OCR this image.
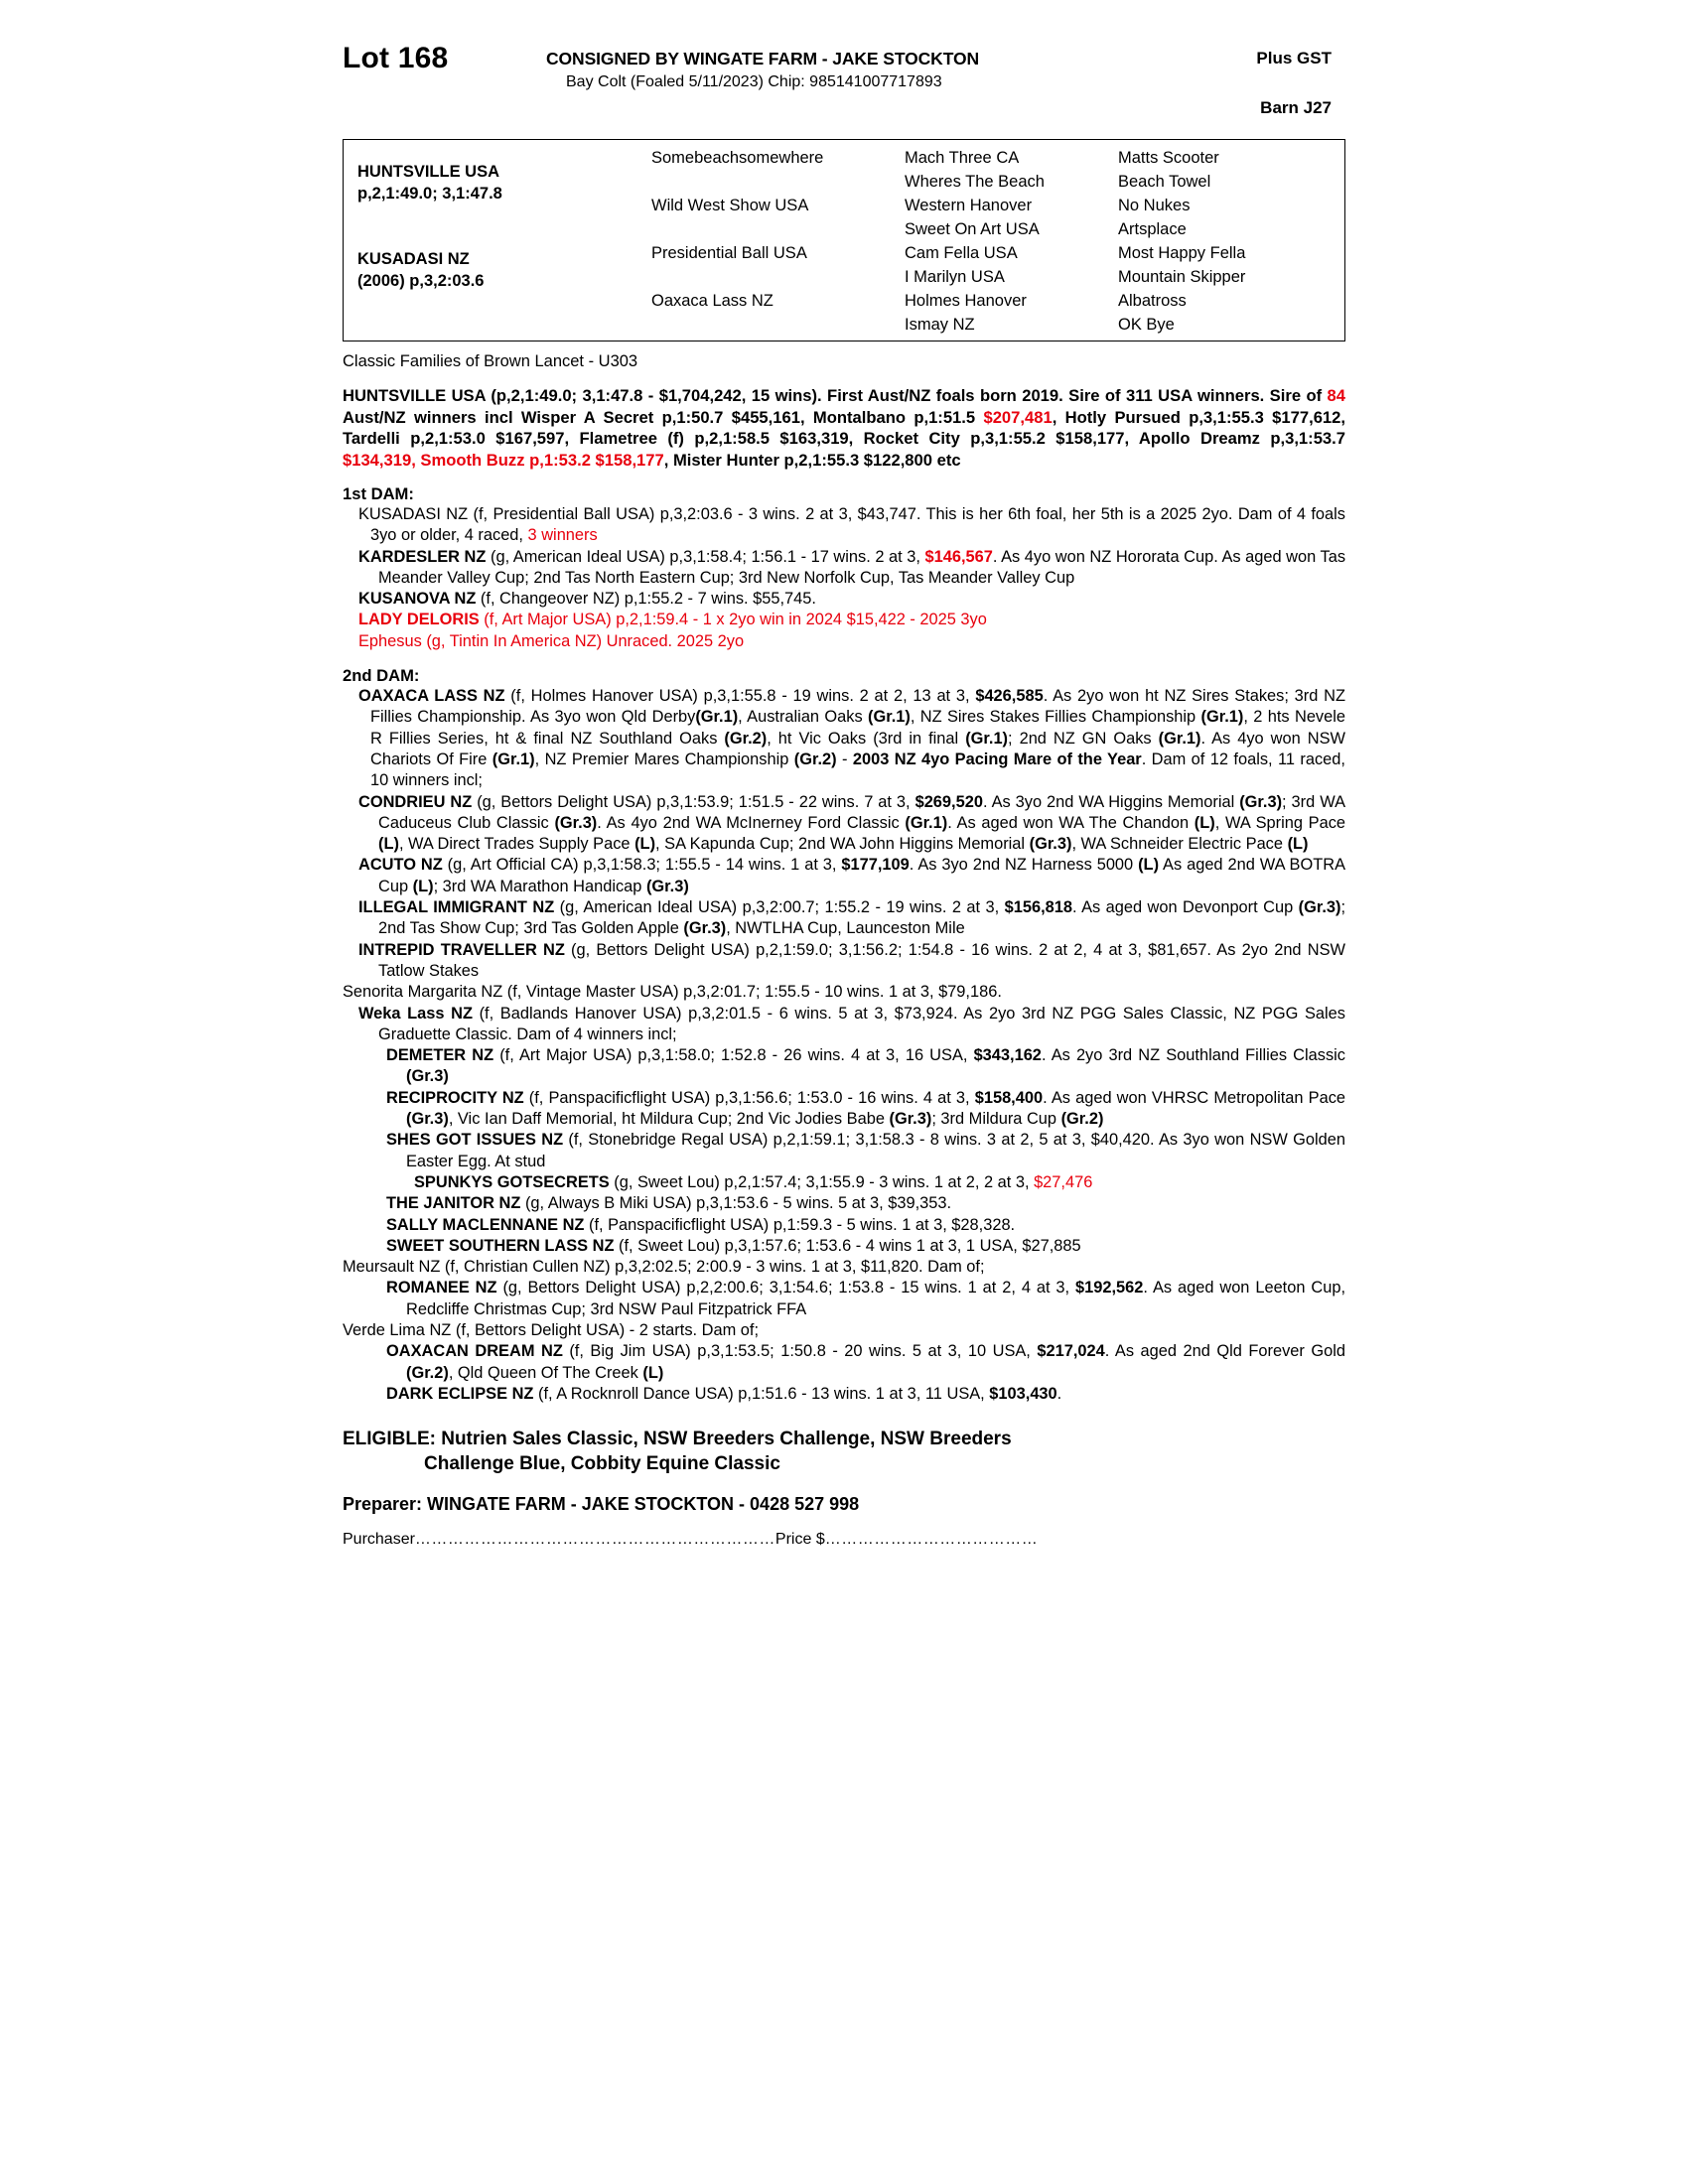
Lot 168	CONSIGNED BY WINGATE FARM - JAKE STOCKTON
Bay Colt (Foaled 5/11/2023) Chip: 985141007717893
Plus GST
Barn J27
HUNTSVILLE USA
p,2,1:49.0; 3,1:47.8
KUSADASI NZ
(2006) p,3,2:03.6
Somebeachsomewhere
Wild West Show USA
Presidential Ball USA
Oaxaca Lass NZ
Mach Three CA
Wheres The Beach
Western Hanover
Sweet On Art USA
Cam Fella USA
I Marilyn USA
Holmes Hanover
Ismay NZ
Matts Scooter
Beach Towel
No Nukes
Artsplace
Most Happy Fella
Mountain Skipper
Albatross
OK Bye
Classic Families of Brown Lancet - U303
HUNTSVILLE USA (p,2,1:49.0; 3,1:47.8 - $1,704,242, 15 wins). First Aust/NZ foals born 2019. Sire of 311 USA winners. Sire of 84 Aust/NZ winners incl Wisper A Secret p,1:50.7 $455,161, Montalbano p,1:51.5 $207,481, Hotly Pursued p,3,1:55.3 $177,612, Tardelli p,2,1:53.0 $167,597, Flametree (f) p,2,1:58.5 $163,319, Rocket City p,3,1:55.2 $158,177, Apollo Dreamz p,3,1:53.7 $134,319, Smooth Buzz p,1:53.2 $158,177, Mister Hunter p,2,1:55.3 $122,800 etc
1st DAM:
KUSADASI NZ (f, Presidential Ball USA) p,3,2:03.6 - 3 wins. 2 at 3, $43,747. This is her 6th foal, her 5th is a 2025 2yo. Dam of 4 foals 3yo or older, 4 raced, 3 winners
KARDESLER NZ (g, American Ideal USA) p,3,1:58.4; 1:56.1 - 17 wins. 2 at 3, $146,567. As 4yo won NZ Hororata Cup. As aged won Tas Meander Valley Cup; 2nd Tas North Eastern Cup; 3rd New Norfolk Cup, Tas Meander Valley Cup
KUSANOVA NZ (f, Changeover NZ) p,1:55.2 - 7 wins. $55,745.
LADY DELORIS (f, Art Major USA) p,2,1:59.4 - 1 x 2yo win in 2024 $15,422 - 2025 3yo
Ephesus (g, Tintin In America NZ) Unraced. 2025 2yo
2nd DAM:
OAXACA LASS NZ (f, Holmes Hanover USA) p,3,1:55.8 - 19 wins. 2 at 2, 13 at 3, $426,585. As 2yo won ht NZ Sires Stakes; 3rd NZ Fillies Championship. As 3yo won Qld Derby(Gr.1), Australian Oaks (Gr.1), NZ Sires Stakes Fillies Championship (Gr.1), 2 hts Nevele R Fillies Series, ht & final NZ Southland Oaks (Gr.2), ht Vic Oaks (3rd in final (Gr.1); 2nd NZ GN Oaks (Gr.1). As 4yo won NSW Chariots Of Fire (Gr.1), NZ Premier Mares Championship (Gr.2) - 2003 NZ 4yo Pacing Mare of the Year. Dam of 12 foals, 11 raced, 10 winners incl;
CONDRIEU NZ (g, Bettors Delight USA) p,3,1:53.9; 1:51.5 - 22 wins. 7 at 3, $269,520. As 3yo 2nd WA Higgins Memorial (Gr.3); 3rd WA Caduceus Club Classic (Gr.3). As 4yo 2nd WA McInerney Ford Classic (Gr.1). As aged won WA The Chandon (L), WA Spring Pace (L), WA Direct Trades Supply Pace (L), SA Kapunda Cup; 2nd WA John Higgins Memorial (Gr.3), WA Schneider Electric Pace (L)
ACUTO NZ (g, Art Official CA) p,3,1:58.3; 1:55.5 - 14 wins. 1 at 3, $177,109. As 3yo 2nd NZ Harness 5000 (L) As aged 2nd WA BOTRA Cup (L); 3rd WA Marathon Handicap (Gr.3)
ILLEGAL IMMIGRANT NZ (g, American Ideal USA) p,3,2:00.7; 1:55.2 - 19 wins. 2 at 3, $156,818. As aged won Devonport Cup (Gr.3); 2nd Tas Show Cup; 3rd Tas Golden Apple (Gr.3), NWTLHA Cup, Launceston Mile
INTREPID TRAVELLER NZ (g, Bettors Delight USA) p,2,1:59.0; 3,1:56.2; 1:54.8 - 16 wins. 2 at 2, 4 at 3, $81,657. As 2yo 2nd NSW Tatlow Stakes
Senorita Margarita NZ (f, Vintage Master USA) p,3,2:01.7; 1:55.5 - 10 wins. 1 at 3, $79,186.
Weka Lass NZ (f, Badlands Hanover USA) p,3,2:01.5 - 6 wins. 5 at 3, $73,924. As 2yo 3rd NZ PGG Sales Classic, NZ PGG Sales Graduette Classic. Dam of 4 winners incl;
DEMETER NZ (f, Art Major USA) p,3,1:58.0; 1:52.8 - 26 wins. 4 at 3, 16 USA, $343,162. As 2yo 3rd NZ Southland Fillies Classic (Gr.3)
RECIPROCITY NZ (f, Panspacificflight USA) p,3,1:56.6; 1:53.0 - 16 wins. 4 at 3, $158,400. As aged won VHRSC Metropolitan Pace (Gr.3), Vic Ian Daff Memorial, ht Mildura Cup; 2nd Vic Jodies Babe (Gr.3); 3rd Mildura Cup (Gr.2)
SHES GOT ISSUES NZ (f, Stonebridge Regal USA) p,2,1:59.1; 3,1:58.3 - 8 wins. 3 at 2, 5 at 3, $40,420. As 3yo won NSW Golden Easter Egg. At stud
SPUNKYS GOTSECRETS (g, Sweet Lou) p,2,1:57.4; 3,1:55.9 - 3 wins. 1 at 2, 2 at 3, $27,476
THE JANITOR NZ (g, Always B Miki USA) p,3,1:53.6 - 5 wins. 5 at 3, $39,353.
SALLY MACLENNANE NZ (f, Panspacificflight USA) p,1:59.3 - 5 wins. 1 at 3, $28,328.
SWEET SOUTHERN LASS NZ (f, Sweet Lou) p,3,1:57.6; 1:53.6 - 4 wins 1 at 3, 1 USA, $27,885
Meursault NZ (f, Christian Cullen NZ) p,3,2:02.5; 2:00.9 - 3 wins. 1 at 3, $11,820. Dam of;
ROMANEE NZ (g, Bettors Delight USA) p,2,2:00.6; 3,1:54.6; 1:53.8 - 15 wins. 1 at 2, 4 at 3, $192,562. As aged won Leeton Cup, Redcliffe Christmas Cup; 3rd NSW Paul Fitzpatrick FFA
Verde Lima NZ (f, Bettors Delight USA) - 2 starts. Dam of;
OAXACAN DREAM NZ (f, Big Jim USA) p,3,1:53.5; 1:50.8 - 20 wins. 5 at 3, 10 USA, $217,024. As aged 2nd Qld Forever Gold (Gr.2), Qld Queen Of The Creek (L)
DARK ECLIPSE NZ (f, A Rocknroll Dance USA) p,1:51.6 - 13 wins. 1 at 3, 11 USA, $103,430.
ELIGIBLE: Nutrien Sales Classic, NSW Breeders Challenge, NSW Breeders
Challenge Blue, Cobbity Equine Classic
Preparer: WINGATE FARM - JAKE STOCKTON - 0428 527 998
Purchaser…………………………………………………………Price $…………………………………
